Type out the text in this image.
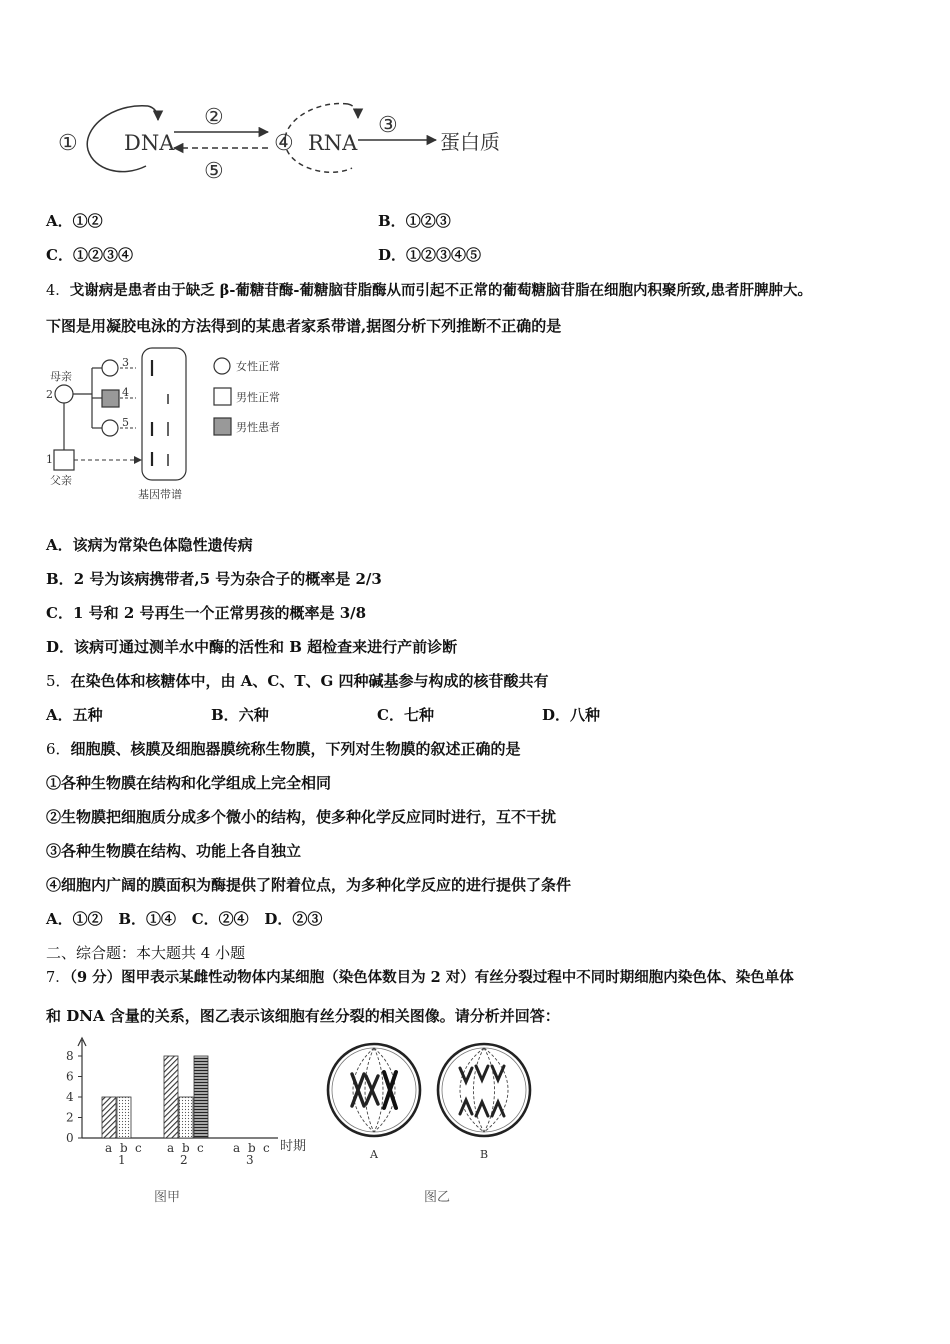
① DNA
②
⑤
④ RNA
③
蛋白质
A．①②	B．①②③
C．①②③④	D．①②③④⑤
4．戈谢病是患者由于缺乏 β-葡糖苷酶-葡糖脑苷脂酶从而引起不正常的葡萄糖脑苷脂在细胞内积聚所致,患者肝脾肿大。
下图是用凝胶电泳的方法得到的某患者家系带谱,据图分析下列推断不正确的是
母亲
2
3
4
5
1
父亲
基因带谱
女性正常
男性正常
男性患者
A．该病为常染色体隐性遗传病
B．2 号为该病携带者,5 号为杂合子的概率是 2/3
C．1 号和 2 号再生一个正常男孩的概率是 3/8
D．该病可通过测羊水中酶的活性和 B 超检查来进行产前诊断
5．在染色体和核糖体中，由 A、C、T、G 四种碱基参与构成的核苷酸共有
A．五种	B．六种	C．七种	D．八种
6．细胞膜、核膜及细胞器膜统称生物膜，下列对生物膜的叙述正确的是
①各种生物膜在结构和化学组成上完全相同
②生物膜把细胞质分成多个微小的结构，使多种化学反应同时进行，互不干扰
③各种生物膜在结构、功能上各自独立
④细胞内广阔的膜面积为酶提供了附着位点，为多种化学反应的进行提供了条件
A．①② B．①④ C．②④ D．②③
二、综合题：本大题共 4 小题
7．（9 分）图甲表示某雌性动物体内某细胞（染色体数目为 2 对）有丝分裂过程中不同时期细胞内染色体、染色单体
和 DNA 含量的关系，图乙表示该细胞有丝分裂的相关图像。请分析并回答：
0
2
4
6
8
a b c
1
a b c
2
a b c
3
时期
图甲
A	B
图乙
